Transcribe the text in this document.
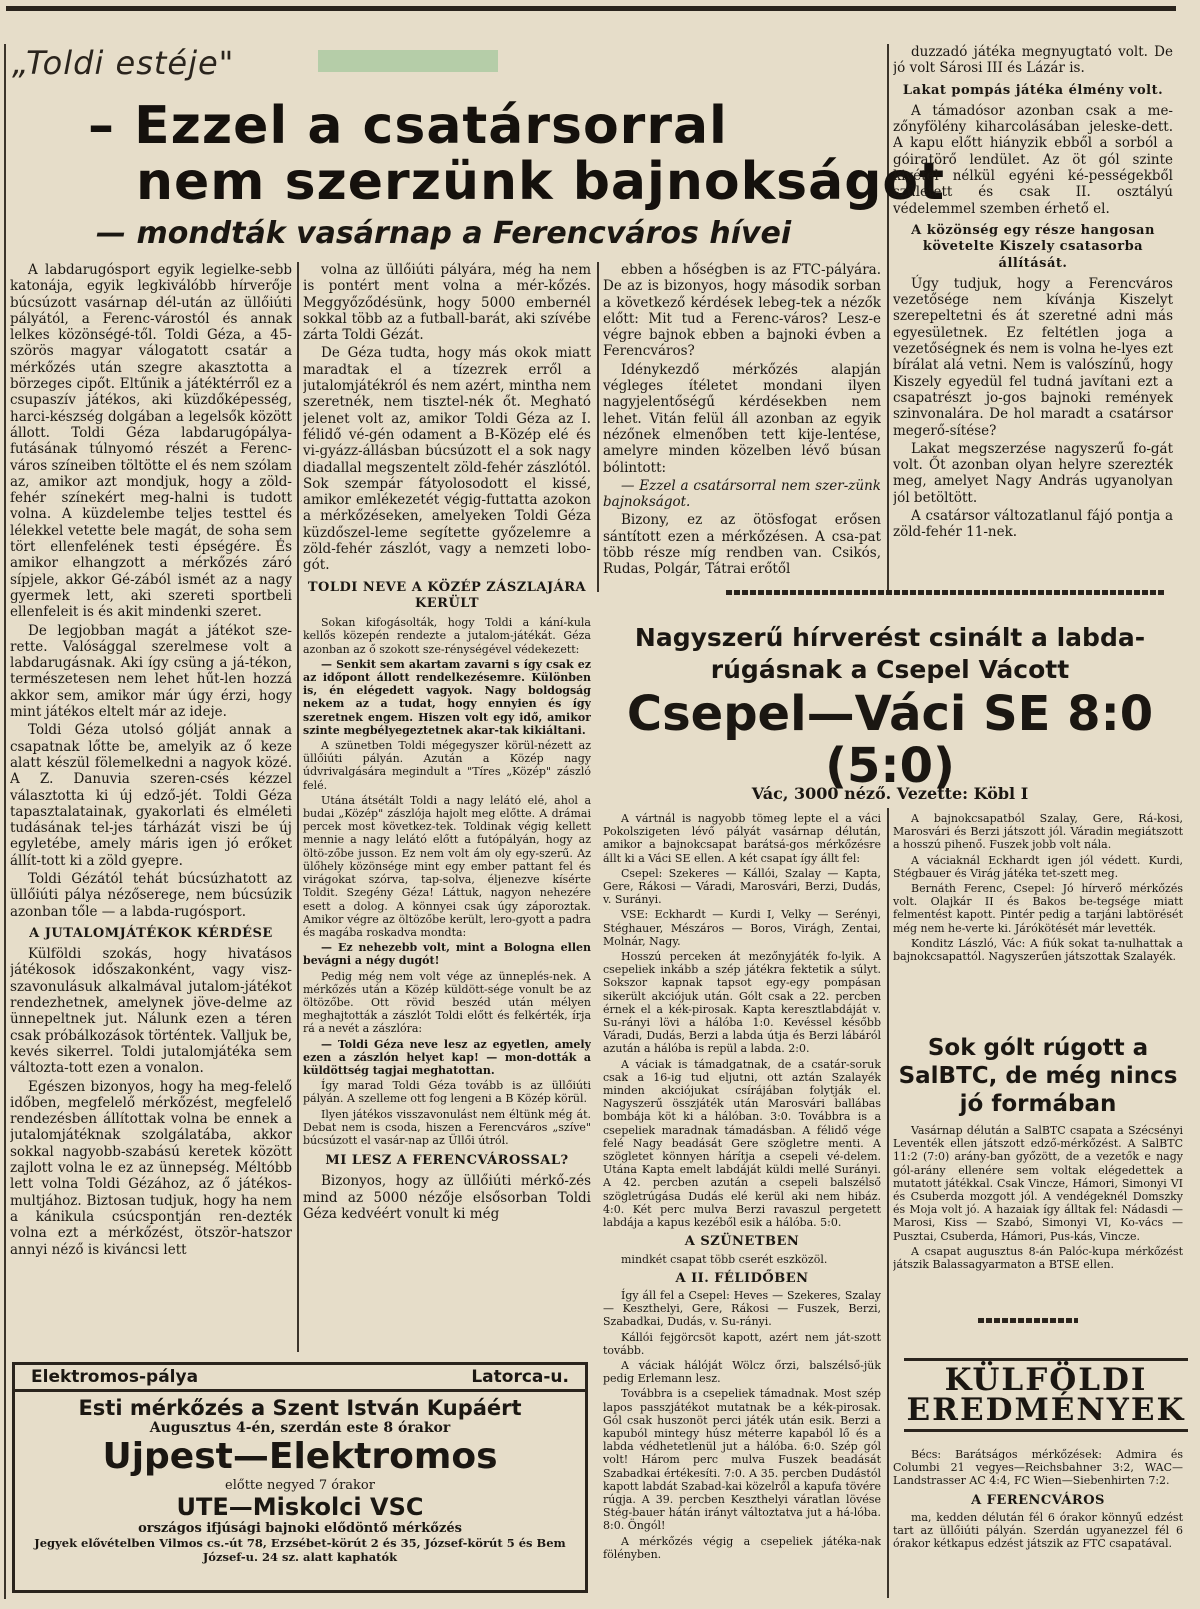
„Toldi estéje"
– Ezzel a csatársorral
nem szerzünk bajnokságot
— mondták vasárnap a Ferencváros hívei

A labdarugósport egyik legielke-sebb katonája, egyik legkiválóbb hírverője búcsúzott vasárnap dél-után az üllőiúti pályától, a Ferenc-várostól és annak lelkes közönségé-től. Toldi Géza, a 45-szörös magyar válogatott csatár a mérkőzés után szegre akasztotta a börzeges cipőt. Eltűnik a játéktérről ez a csupaszív játékos, aki küzdőképesség, harci-készség dolgában a legelsők között állott. Toldi Géza labdarugópálya-futásának túlnyomó részét a Ferenc-város színeiben töltötte el és nem szólam az, amikor azt mondjuk, hogy a zöld-fehér színekért meg-halni is tudott volna. A küzdelembe teljes testtel és lélekkel vetette bele magát, de soha sem tört ellenfelének testi épségére. És amikor elhangzott a mérkőzés záró sípjele, akkor Gé-zából ismét az a nagy gyermek lett, aki szereti sportbeli ellenfeleit is és akit mindenki szeret.

De legjobban magát a játékot sze-rette. Valósággal szerelmese volt a labdarugásnak. Aki így csüng a já-tékon, természetesen nem lehet hűt-len hozzá akkor sem, amikor már úgy érzi, hogy mint játékos eltelt már az ideje.

Toldi Géza utolsó gólját annak a csapatnak lőtte be, amelyik az ő keze alatt készül fölemelkedni a nagyok közé. A Z. Danuvia szeren-csés kézzel választotta ki új edző-jét. Toldi Géza tapasztalatainak, gyakorlati és elméleti tudásának tel-jes tárházát viszi be új egyletébe, amely máris igen jó erőket állít-tott ki a zöld gyepre.

Toldi Gézától tehát búcsúzhatott az üllőiúti pálya nézőserege, nem búcsúzik azonban tőle — a labda-rugósport.

A JUTALOMJÁTÉKOK KÉRDÉSE

Külföldi szokás, hogy hivatásos játékosok időszakonként, vagy visz-szavonulásuk alkalmával jutalom-játékot rendezhetnek, amelynek jöve-delme az ünnepeltnek jut. Nálunk ezen a téren csak próbálkozások történtek. Valljuk be, kevés sikerrel. Toldi jutalomjátéka sem változta-tott ezen a vonalon.

Egészen bizonyos, hogy ha meg-felelő időben, megfelelő mérkőzést, megfelelő rendezésben állítottak volna be ennek a jutalomjátéknak szolgálatába, akkor sokkal nagyobb-szabású keretek között zajlott volna le ez az ünnepség. Méltóbb lett volna Toldi Gézához, az ő játékos-multjához. Biztosan tudjuk, hogy ha nem a kánikula csúcspontján ren-dezték volna ezt a mérkőzést, ötször-hatszor annyi néző is kiváncsi lett

volna az üllőiúti pályára, még ha nem is pontért ment volna a mér-kőzés. Meggyőződésünk, hogy 5000 embernél sokkal több az a futball-barát, aki szívébe zárta Toldi Gézát.

De Géza tudta, hogy más okok miatt maradtak el a tízezrek erről a jutalomjátékról és nem azért, mintha nem szeretnék, nem tisztel-nék őt. Megható jelenet volt az, amikor Toldi Géza az I. félidő vé-gén odament a B-Közép elé és vi-gyázz-állásban búcsúzott el a sok nagy diadallal megszentelt zöld-fehér zászlótól. Sok szempár fátyolosodott el kissé, amikor emlékezetét végig-futtatta azokon a mérkőzéseken, amelyeken Toldi Géza küzdőszel-leme segítette győzelemre a zöld-fehér zászlót, vagy a nemzeti lobo-gót.

TOLDI NEVE A KÖZÉP ZÁSZLAJÁRA KERÜLT

Sokan kifogásolták, hogy Toldi a kání-kula kellős közepén rendezte a jutalom-játékát. Géza azonban az ő szokott sze-rénységével védekezett:

— Senkit sem akartam zavarni s így csak ez az időpont állott rendelkezésemre. Különben is, én elégedett vagyok. Nagy boldogság nekem az a tudat, hogy ennyien és így szeretnek engem. Hiszen volt egy idő, amikor szinte megbélyegeztetnek akar-tak kikiáltani.

A szünetben Toldi mégegyszer körül-nézett az üllőiúti pályán. Azután a Közép nagy údvrivalgására megindult a "Tíres „Közép" zászló felé.

Utána átsétált Toldi a nagy lelátó elé, ahol a budai „Közép" zászlója hajolt meg előtte. A drámai percek most következ-tek. Toldinak végig kellett mennie a nagy lelátó előtt a futópályán, hogy az öltö-zőbe jusson. Ez nem volt ám oly egy-szerű. Az ülőhely közönsége mint egy ember pattant fel és virágokat szórva, tap-solva, éljenezve kísérte Toldit. Szegény Géza! Láttuk, nagyon nehezére esett a dolog. A könnyei csak úgy záporoztak. Amikor végre az öltözőbe került, lero-gyott a padra és magába roskadva mondta:

— Ez nehezebb volt, mint a Bologna ellen bevágni a négy dugót!

Pedig még nem volt vége az ünneplés-nek. A mérkőzés után a Közép küldött-sége vonult be az öltözőbe. Ott rövid beszéd után mélyen meghajtották a zászlót Toldi előtt és felkérték, írja rá a nevét a zászlóra:

— Toldi Géza neve lesz az egyetlen, amely ezen a zászlón helyet kap! — mon-dották a küldöttség tagjai meghatottan.

Így marad Toldi Géza tovább is az üllőiúti pályán. A szelleme ott fog lengeni a B Közép körül.

Ilyen játékos visszavonulást nem éltünk még át. Debat nem is csoda, hiszen a Ferencváros „szíve" búcsúzott el vasár-nap az Üllői útról.

MI LESZ A FERENCVÁROSSAL?

Bizonyos, hogy az üllőiúti mérkő-zés mind az 5000 nézője elsősorban Toldi Géza kedvéért vonult ki még

ebben a hőségben is az FTC-pályára. De az is bizonyos, hogy második sorban a következő kérdések lebeg-tek a nézők előtt: Mit tud a Ferenc-város? Lesz-e végre bajnok ebben a bajnoki évben a Ferencváros?

Idénykezdő mérkőzés alapján végleges ítéletet mondani ilyen nagyjelentőségű kérdésekben nem lehet. Vitán felül áll azonban az egyik nézőnek elmenőben tett kije-lentése, amelyre minden közelben lévő búsan bólintott:

— Ezzel a csatársorral nem szer-zünk bajnokságot.

Bizony, ez az ötösfogat erősen sántított ezen a mérkőzésen. A csa-pat több része míg rendben van. Csikós, Rudas, Polgár, Tátrai erőtől

duzzadó játéka megnyugtató volt. De jó volt Sárosi III és Lázár is.

Lakat pompás játéka élmény volt.

A támadósor azonban csak a me-zőnyfölény kiharcolásában jeleske-dett. A kapu előtt hiányzik ebből a sorból a góiratörő lendület. Az öt gól szinte kivétel nélkül egyéni ké-pességekből született és csak II. osztályú védelemmel szemben érhető el.

A közönség egy része hangosan követelte Kiszely csatasorba állítását.

Úgy tudjuk, hogy a Ferencváros vezetősége nem kívánja Kiszelyt szerepeltetni és át szeretné adni más egyesületnek. Ez feltétlen joga a vezetőségnek és nem is volna he-lyes ezt bírálat alá vetni. Nem is valószínű, hogy Kiszely egyedül fel tudná javítani ezt a csapatrészt jo-gos bajnoki remények szinvonalára. De hol maradt a csatársor megerő-sítése?

Lakat megszerzése nagyszerű fo-gát volt. Őt azonban olyan helyre szerezték meg, amelyet Nagy András ugyanolyan jól betöltött.

A csatársor változatlanul fájó pontja a zöld-fehér 11-nek.

Nagyszerű hírverést csinált a labda-rúgásnak a Csepel Vácott
Csepel—Váci SE 8:0 (5:0)
Vác, 3000 néző. Vezette: Köbl I

A vártnál is nagyobb tömeg lepte el a váci Pokolszigeten lévő pályát vasárnap délután, amikor a bajnokcsapat barátsá-gos mérkőzésre állt ki a Váci SE ellen. A két csapat így állt fel:

Csepel: Szekeres — Kállói, Szalay — Kapta, Gere, Rákosi — Váradi, Marosvári, Berzi, Dudás, v. Surányi.

VSE: Eckhardt — Kurdi I, Velky — Serényi, Stéghauer, Mészáros — Boros, Virágh, Zentai, Molnár, Nagy.

Hosszú perceken át mezőnyjáték fo-lyik. A csepeliek inkább a szép játékra fektetik a súlyt. Sokszor kapnak tapsot egy-egy pompásan sikerült akciójuk után. Gólt csak a 22. percben érnek el a kék-pirosak. Kapta keresztlabdáját v. Su-rányi lövi a hálóba 1:0. Kevéssel később Váradi, Dudás, Berzi a labda útja és Berzi lábáról azután a hálóba is repül a labda. 2:0.

A váciak is támadgatnak, de a csatár-soruk csak a 16-ig tud eljutni, ott aztán Szalayék minden akciójukat csírájában folytják el. Nagyszerű összjáték után Marosvári ballábas bombája köt ki a hálóban. 3:0. Továbbra is a csepeliek maradnak támadásban. A félidő vége felé Nagy beadását Gere szögletre menti. A szögletet könnyen hárítja a csepeli vé-delem. Utána Kapta emelt labdáját küldi mellé Surányi. A 42. percben azután a csepeli balszélső szögletrúgása Dudás elé kerül aki nem hibáz. 4:0. Két perc mulva Berzi ravaszul pergetett labdája a kapus kezéből esik a hálóba. 5:0.

A SZÜNETBEN

mindkét csapat több cserét eszközöl.

A II. FÉLIDŐBEN

Így áll fel a Csepel: Heves — Szekeres, Szalay — Keszthelyi, Gere, Rákosi — Fuszek, Berzi, Szabadkai, Dudás, v. Su-rányi.

Kállói fejgörcsöt kapott, azért nem ját-szott tovább.

A váciak hálóját Wölcz őrzi, balszélső-jük pedig Erlemann lesz.

Továbbra is a csepeliek támadnak. Most szép lapos passzjátékot mutatnak be a kék-pirosak. Gól csak huszonöt perci játék után esik. Berzi a kapuból mintegy húsz méterre kapaból lő és a labda védhetetlenül jut a hálóba. 6:0. Szép gól volt! Három perc mulva Fuszek beadását Szabadkai értékesíti. 7:0. A 35. percben Dudástól kapott labdát Szabad-kai közelről a kapufa tövére rúgja. A 39. percben Keszthelyi váratlan lövése Stég-bauer hátán irányt változtatva jut a há-lóba. 8:0. Öngól!

A mérkőzés végig a csepeliek játéka-nak fölényben.

A bajnokcsapatból Szalay, Gere, Rá-kosi, Marosvári és Berzi játszott jól. Váradin megiátszott a hosszú pihenő. Fuszek jobb volt nála.

A váciaknál Eckhardt igen jól védett. Kurdi, Stégbauer és Virág játéka tet-szett meg.

Bernáth Ferenc, Csepel: Jó hírverő mérkőzés volt. Olajkár II és Bakos be-tegsége miatt felmentést kapott. Pintér pedig a tarjáni labtörését még nem he-verte ki. Járókötését már levették.

Konditz László, Vác: A fiúk sokat ta-nulhattak a bajnokcsapattól. Nagyszerűen játszottak Szalayék.

Sok gólt rúgott a SalBTC, de még nincs jó formában

Vasárnap délután a SalBTC csapata a Szécsényi Leventék ellen játszott edző-mérkőzést. A SalBTC 11:2 (7:0) arány-ban győzött, de a vezetők e nagy gól-arány ellenére sem voltak elégedettek a mutatott játékkal. Csak Vincze, Hámori, Simonyi VI és Csuberda mozgott jól. A vendégeknél Domszky és Moja volt jó. A hazaiak így álltak fel: Nádasdi — Marosi, Kiss — Szabó, Simonyi VI, Ko-vács — Pusztai, Csuberda, Hámori, Pus-kás, Vincze.

A csapat augusztus 8-án Palóc-kupa mérkőzést játszik Balassagyarmaton a BTSE ellen.

KÜLFÖLDI EREDMÉNYEK

Bécs: Barátságos mérkőzések: Admira és Columbi 21 vegyes—Reichsbahner 3:2, WAC—Landstrasser AC 4:4, FC Wien—Siebenhirten 7:2.

A FERENCVÁROS

ma, kedden délután fél 6 órakor könnyű edzést tart az üllőiúti pályán. Szerdán ugyanezzel fél 6 órakor kétkapus edzést játszik az FTC csapatával.

Elektromos-pálya	Latorca-u.
Esti mérkőzés a Szent István Kupáért
Augusztus 4-én, szerdán este 8 órakor
Ujpest—Elektromos
előtte negyed 7 órakor
UTE—Miskolci VSC
országos ifjúsági bajnoki elődöntő mérkőzés
Jegyek elővételben Vilmos cs.-út 78, Erzsébet-körút 2 és 35, József-körút 5 és Bem József-u. 24 sz. alatt kaphatók
